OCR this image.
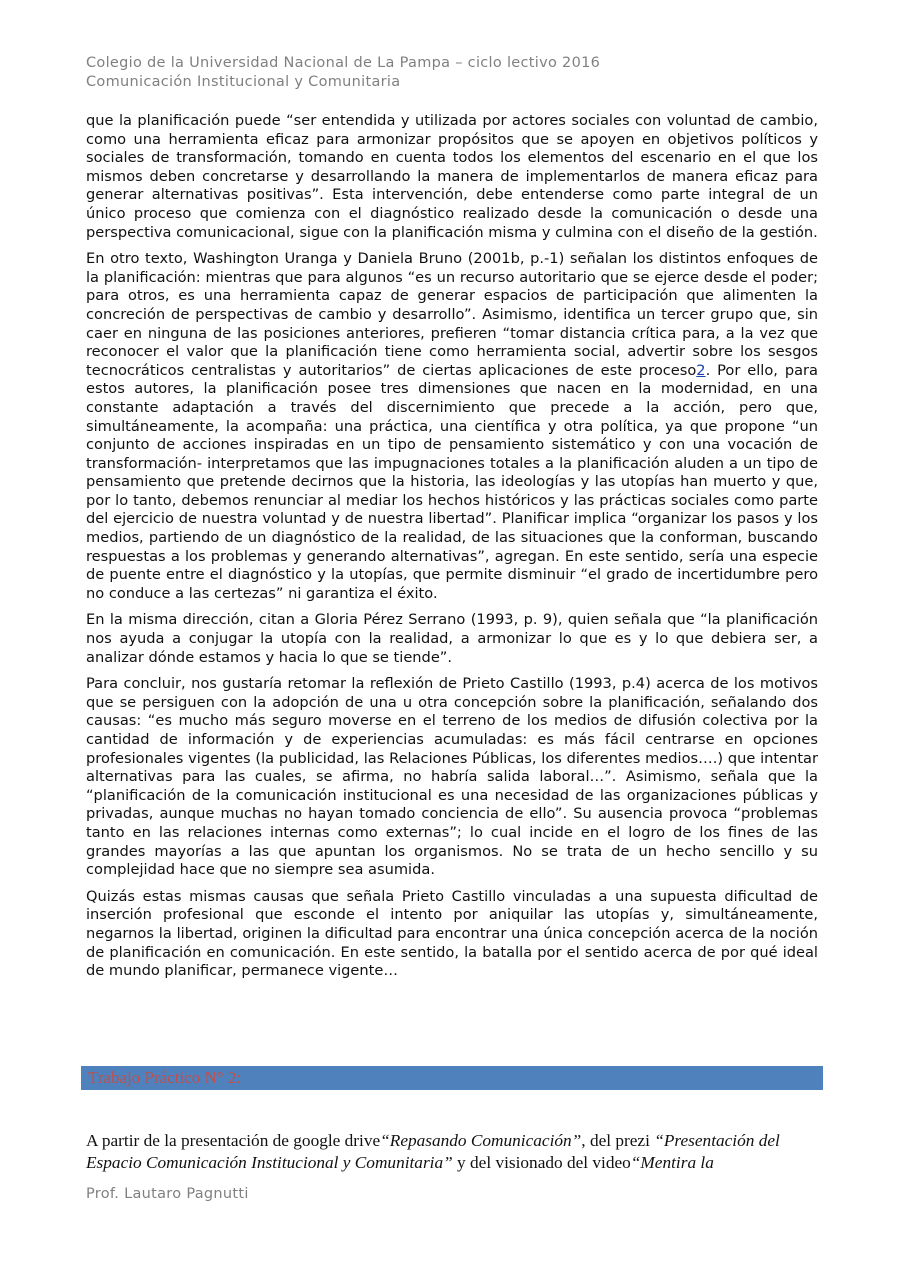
Colegio de la Universidad Nacional de La Pampa – ciclo lectivo 2016
Comunicación Institucional y Comunitaria

que la planificación puede “ser entendida y utilizada por actores sociales con voluntad de cambio, como una herramienta eficaz para armonizar propósitos que se apoyen en objetivos políticos y sociales de transformación, tomando en cuenta todos los elementos del escenario en el que los mismos deben concretarse y desarrollando la manera de implementarlos de manera eficaz para generar alternativas positivas”. Esta intervención, debe entenderse como parte integral de un único proceso que comienza con el diagnóstico realizado desde la comunicación o desde una perspectiva comunicacional, sigue con la planificación misma y culmina con el diseño de la gestión.

En otro texto, Washington Uranga y Daniela Bruno (2001b, p.-1) señalan los distintos enfoques de la planificación: mientras que para algunos “es un recurso autoritario que se ejerce desde el poder; para otros, es una herramienta capaz de generar espacios de participación que alimenten la concreción de perspectivas de cambio y desarrollo”. Asimismo, identifica un tercer grupo que, sin caer en ninguna de las posiciones anteriores, prefieren “tomar distancia crítica para, a la vez que reconocer el valor que la planificación tiene como herramienta social, advertir sobre los sesgos tecnocráticos centralistas y autoritarios” de ciertas aplicaciones de este proceso2. Por ello, para estos autores, la planificación posee tres dimensiones que nacen en la modernidad, en una constante adaptación a través del discernimiento que precede a la acción, pero que, simultáneamente, la acompaña: una práctica, una científica y otra política, ya que propone “un conjunto de acciones inspiradas en un tipo de pensamiento sistemático y con una vocación de transformación- interpretamos que las impugnaciones totales a la planificación aluden a un tipo de pensamiento que pretende decirnos que la historia, las ideologías y las utopías han muerto y que, por lo tanto, debemos renunciar al mediar los hechos históricos y las prácticas sociales como parte del ejercicio de nuestra voluntad y de nuestra libertad”. Planificar implica “organizar los pasos y los medios, partiendo de un diagnóstico de la realidad, de las situaciones que la conforman, buscando respuestas a los problemas y generando alternativas”, agregan. En este sentido, sería una especie de puente entre el diagnóstico y la utopías, que permite disminuir “el grado de incertidumbre pero no conduce a las certezas” ni garantiza el éxito.

En la misma dirección, citan a Gloria Pérez Serrano (1993, p. 9), quien señala que “la planificación nos ayuda a conjugar la utopía con la realidad, a armonizar lo que es y lo que debiera ser, a analizar dónde estamos y hacia lo que se tiende”.

Para concluir, nos gustaría retomar la reflexión de Prieto Castillo (1993, p.4) acerca de los motivos que se persiguen con la adopción de una u otra concepción sobre la planificación, señalando dos causas: “es mucho más seguro moverse en el terreno de los medios de difusión colectiva por la cantidad de información y de experiencias acumuladas: es más fácil centrarse en opciones profesionales vigentes (la publicidad, las Relaciones Públicas, los diferentes medios….) que intentar alternativas para las cuales, se afirma, no habría salida laboral…”. Asimismo, señala que la “planificación de la comunicación institucional es una necesidad de las organizaciones públicas y privadas, aunque muchas no hayan tomado conciencia de ello”. Su ausencia provoca “problemas tanto en las relaciones internas como externas”; lo cual incide en el logro de los fines de las grandes mayorías a las que apuntan los organismos. No se trata de un hecho sencillo y su complejidad hace que no siempre sea asumida.

Quizás estas mismas causas que señala Prieto Castillo vinculadas a una supuesta dificultad de inserción profesional que esconde el intento por aniquilar las utopías y, simultáneamente, negarnos la libertad, originen la dificultad para encontrar una única concepción acerca de la noción de planificación en comunicación. En este sentido, la batalla por el sentido acerca de por qué ideal de mundo planificar, permanece vigente…

Trabajo Práctico N° 2:
A partir de la presentación de google drive“Repasando Comunicación”, del prezi “Presentación del Espacio Comunicación Institucional y Comunitaria” y del visionado del video“Mentira la
Prof. Lautaro Pagnutti
